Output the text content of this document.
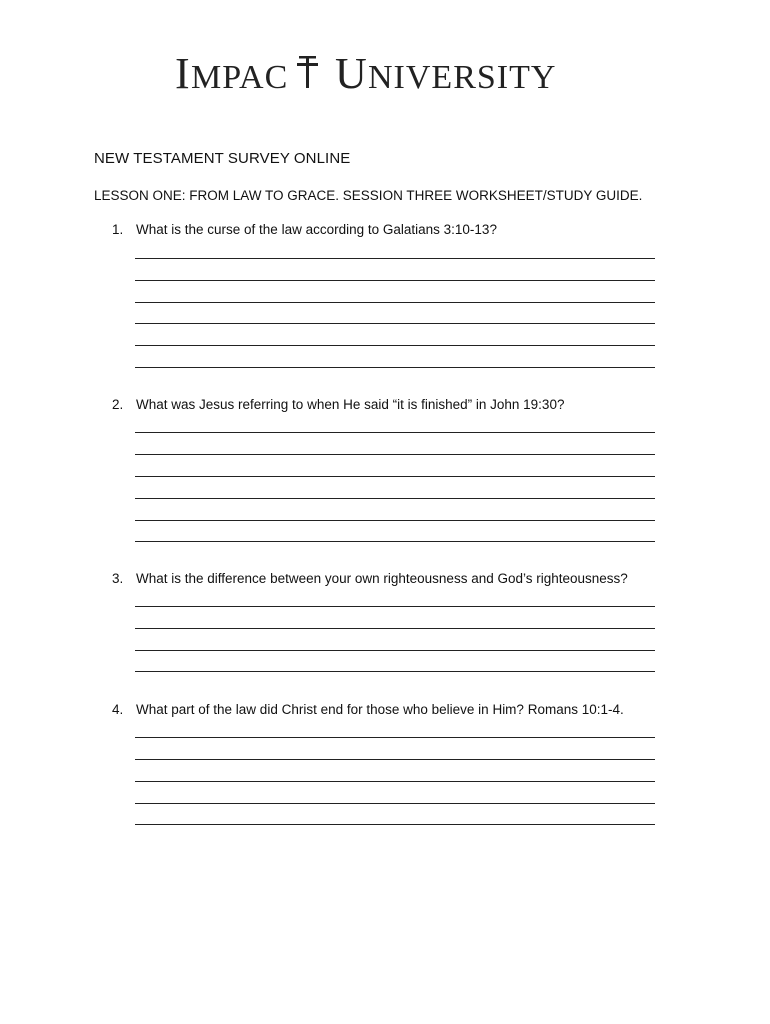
I MPAC U NIVERSITY
NEW TESTAMENT SURVEY ONLINE
LESSON ONE: FROM LAW TO GRACE. SESSION THREE WORKSHEET/STUDY GUIDE.
1. What is the curse of the law according to Galatians 3:10-13?
2. What was Jesus referring to when He said “it is finished” in John 19:30?
3. What is the difference between your own righteousness and God’s righteousness?
4. What part of the law did Christ end for those who believe in Him? Romans 10:1-4.
